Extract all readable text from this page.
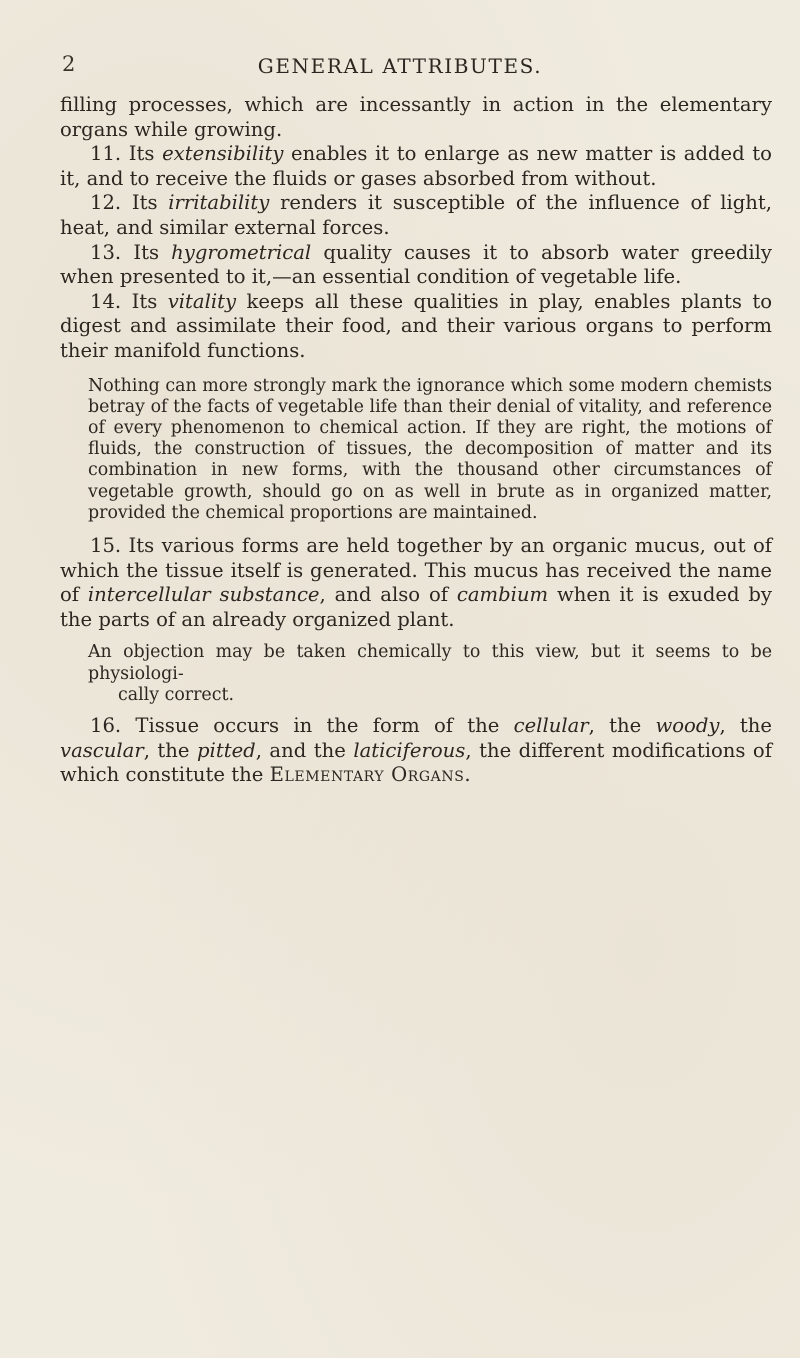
2	GENERAL ATTRIBUTES.

filling processes, which are incessantly in action in the elementary organs while growing.

11. Its extensibility enables it to enlarge as new matter is added to it, and to receive the fluids or gases absorbed from without.

12. Its irritability renders it susceptible of the influence of light, heat, and similar external forces.

13. Its hygrometrical quality causes it to absorb water greedily when presented to it,—an essential condition of vegetable life.

14. Its vitality keeps all these qualities in play, enables plants to digest and assimilate their food, and their various organs to perform their manifold functions.

Nothing can more strongly mark the ignorance which some modern chemists betray of the facts of vegetable life than their denial of vitality, and reference of every phenomenon to chemical action. If they are right, the motions of fluids, the construction of tissues, the decomposition of matter and its combination in new forms, with the thousand other circumstances of vegetable growth, should go on as well in brute as in organized matter, provided the chemical proportions are maintained.

15. Its various forms are held together by an organic mucus, out of which the tissue itself is generated. This mucus has received the name of intercellular substance, and also of cambium when it is exuded by the parts of an already organized plant.

An objection may be taken chemically to this view, but it seems to be physiologi-
cally correct.

16. Tissue occurs in the form of the cellular, the woody, the vascular, the pitted, and the laticiferous, the different modifications of which constitute the Elementary Organs.
